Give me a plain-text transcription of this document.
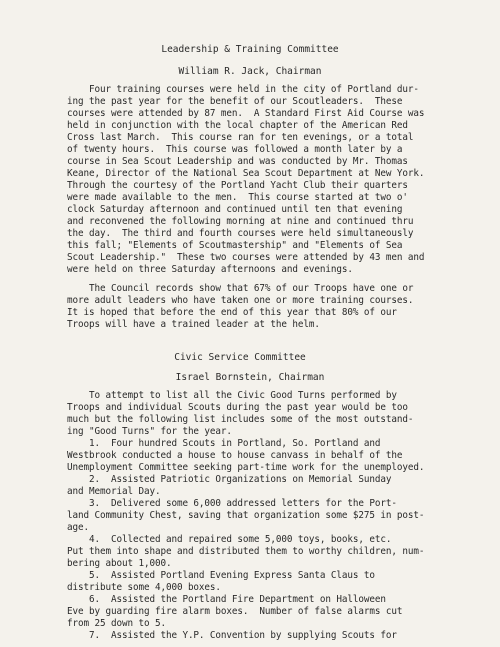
Leadership & Training Committee
William R. Jack, Chairman
Four training courses were held in the city of Portland dur-
ing the past year for the benefit of our Scoutleaders.  These
courses were attended by 87 men.  A Standard First Aid Course was
held in conjunction with the local chapter of the American Red
Cross last March.  This course ran for ten evenings, or a total
of twenty hours.  This course was followed a month later by a
course in Sea Scout Leadership and was conducted by Mr. Thomas
Keane, Director of the National Sea Scout Department at New York.
Through the courtesy of the Portland Yacht Club their quarters
were made available to the men.  This course started at two o'
clock Saturday afternoon and continued until ten that evening
and reconvened the following morning at nine and continued thru
the day.  The third and fourth courses were held simultaneously
this fall; "Elements of Scoutmastership" and "Elements of Sea
Scout Leadership."  These two courses were attended by 43 men and
were held on three Saturday afternoons and evenings.
The Council records show that 67% of our Troops have one or
more adult leaders who have taken one or more training courses.
It is hoped that before the end of this year that 80% of our
Troops will have a trained leader at the helm.
Civic Service Committee
Israel Bornstein, Chairman
To attempt to list all the Civic Good Turns performed by
Troops and individual Scouts during the past year would be too
much but the following list includes some of the most outstand-
ing "Good Turns" for the year.
1.  Four hundred Scouts in Portland, So. Portland and
Westbrook conducted a house to house canvass in behalf of the
Unemployment Committee seeking part-time work for the unemployed.
2.  Assisted Patriotic Organizations on Memorial Sunday
and Memorial Day.
3.  Delivered some 6,000 addressed letters for the Port-
land Community Chest, saving that organization some $275 in post-
age.
4.  Collected and repaired some 5,000 toys, books, etc.
Put them into shape and distributed them to worthy children, num-
bering about 1,000.
5.  Assisted Portland Evening Express Santa Claus to
distribute some 4,000 boxes.
6.  Assisted the Portland Fire Department on Halloween
Eve by guarding fire alarm boxes.  Number of false alarms cut
from 25 down to 5.
7.  Assisted the Y.P. Convention by supplying Scouts for
